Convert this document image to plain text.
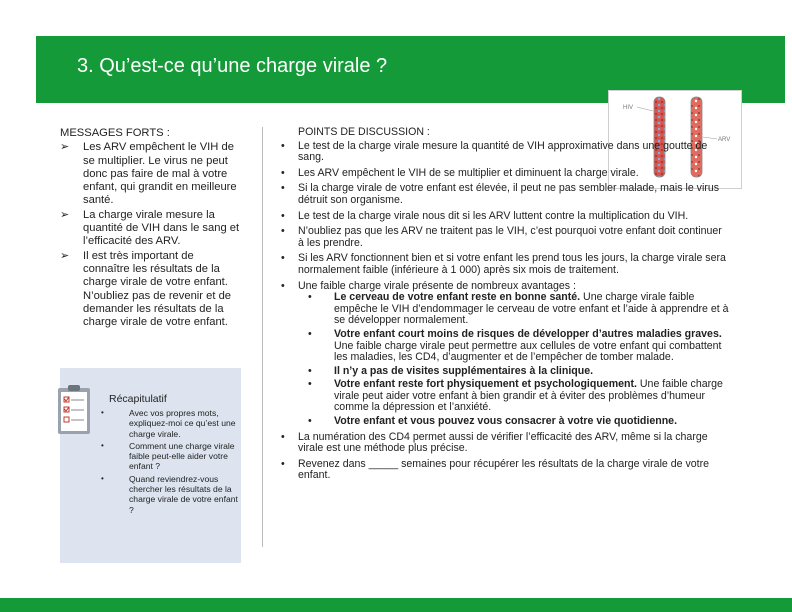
3. Qu’est-ce qu’une charge virale ?
HIV
ARV
MESSAGES FORTS :
➢ Les ARV empêchent le VIH de se multiplier. Le virus ne peut donc pas faire de mal à votre enfant, qui grandit en meilleure santé.
➢ La charge virale mesure la quantité de VIH dans le sang et l’efficacité des ARV.
➢ Il est très important de connaître les résultats de la charge virale de votre enfant. N’oubliez pas de revenir et de demander les résultats de la charge virale de votre enfant.
Récapitulatif
•	Avec vos propres mots, expliquez-moi ce qu’est une charge virale.
•	Comment une charge virale faible peut-elle aider votre enfant ?
•	Quand reviendrez-vous chercher les résultats de la charge virale de votre enfant ?
POINTS DE DISCUSSION :
• Le test de la charge virale mesure la quantité de VIH approximative dans une goutte de sang.
• Les ARV empêchent le VIH de se multiplier et diminuent la charge virale.
• Si la charge virale de votre enfant est élevée, il peut ne pas sembler malade, mais le virus détruit son organisme.
• Le test de la charge virale nous dit si les ARV luttent contre la multiplication du VIH.
• N’oubliez pas que les ARV ne traitent pas le VIH, c’est pourquoi votre enfant doit continuer à les prendre.
• Si les ARV fonctionnent bien et si votre enfant les prend tous les jours, la charge virale sera normalement faible (inférieure à 1 000) après six mois de traitement.
• Une faible charge virale présente de nombreux avantages :
• Le cerveau de votre enfant reste en bonne santé. Une charge virale faible empêche le VIH d’endommager le cerveau de votre enfant et l’aide à apprendre et à se développer normalement.
• Votre enfant court moins de risques de développer d’autres maladies graves. Une faible charge virale peut permettre aux cellules de votre enfant qui combattent les maladies, les CD4, d’augmenter et de l’empêcher de tomber malade.
• Il n’y a pas de visites supplémentaires à la clinique.
• Votre enfant reste fort physiquement et psychologiquement. Une faible charge virale peut aider votre enfant à bien grandir et à éviter des problèmes d’humeur comme la dépression et l’anxiété.
• Votre enfant et vous pouvez vous consacrer à votre vie quotidienne.
• La numération des CD4 permet aussi de vérifier l’efficacité des ARV, même si la charge virale est une méthode plus précise.
• Revenez dans _____ semaines pour récupérer les résultats de la charge virale de votre enfant.
